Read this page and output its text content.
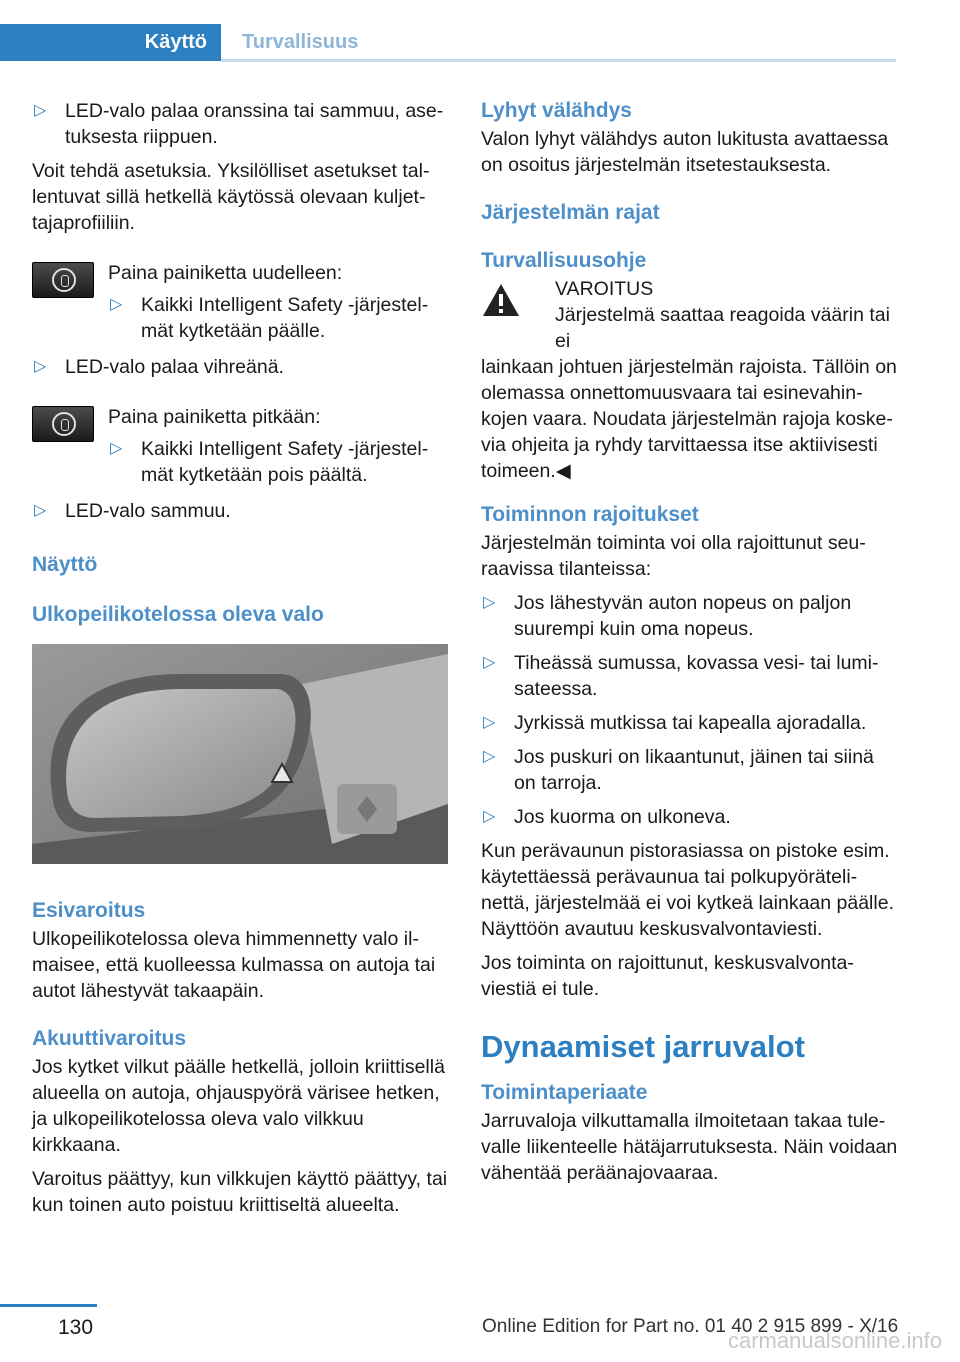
Käyttö	Turvallisuus
▷ LED-valo palaa oranssina tai sammuu, asetuksesta riippuen.

Voit tehdä asetuksia. Yksilölliset asetukset tallentuvat sillä hetkellä käytössä olevaan kuljettajaprofiiliin.

Paina painiketta uudelleen:

▷ Kaikki Intelligent Safety -järjestelmät kytketään päälle.
▷ LED-valo palaa vihreänä.

Paina painiketta pitkään:

▷ Kaikki Intelligent Safety -järjestelmät kytketään pois päältä.
▷ LED-valo sammuu.
Näyttö
Ulkopeilikotelossa oleva valo
Esivaroitus

Ulkopeilikotelossa oleva himmennetty valo ilmaisee, että kuolleessa kulmassa on autoja tai autot lähestyvät takaapäin.

Akuuttivaroitus

Jos kytket vilkut päälle hetkellä, jolloin kriittisellä alueella on autoja, ohjauspyörä värisee hetken, ja ulkopeilikotelossa oleva valo vilkkuu kirkkaana.

Varoitus päättyy, kun vilkkujen käyttö päättyy, tai kun toinen auto poistuu kriittiseltä alueelta.

Lyhyt välähdys

Valon lyhyt välähdys auton lukitusta avattaessa on osoitus järjestelmän itsetestauksesta.

Järjestelmän rajat
Turvallisuusohje
VAROITUS
Järjestelmä saattaa reagoida väärin tai ei

lainkaan johtuen järjestelmän rajoista. Tällöin on olemassa onnettomuusvaara tai esinevahinkojen vaara. Noudata järjestelmän rajoja koskevia ohjeita ja ryhdy tarvittaessa itse aktiivisesti toimeen.◀

Toiminnon rajoitukset

Järjestelmän toiminta voi olla rajoittunut seuraavissa tilanteissa:

▷ Jos lähestyvän auton nopeus on paljon suurempi kuin oma nopeus.
▷ Tiheässä sumussa, kovassa vesi- tai lumisateessa.
▷ Jyrkissä mutkissa tai kapealla ajoradalla.
▷ Jos puskuri on likaantunut, jäinen tai siinä on tarroja.
▷ Jos kuorma on ulkoneva.

Kun perävaunun pistorasiassa on pistoke esim. käytettäessä perävaunua tai polkupyörätelinettä, järjestelmää ei voi kytkeä lainkaan päälle. Näyttöön avautuu keskusvalvontaviesti.

Jos toiminta on rajoittunut, keskusvalvontaviestiä ei tule.

Dynaamiset jarruvalot
Toimintaperiaate

Jarruvaloja vilkuttamalla ilmoitetaan takaa tulevalle liikenteelle hätäjarrutuksesta. Näin voidaan vähentää peräänajovaaraa.

130	Online Edition for Part no. 01 40 2 915 899 - X/16
carmanualsonline.info
